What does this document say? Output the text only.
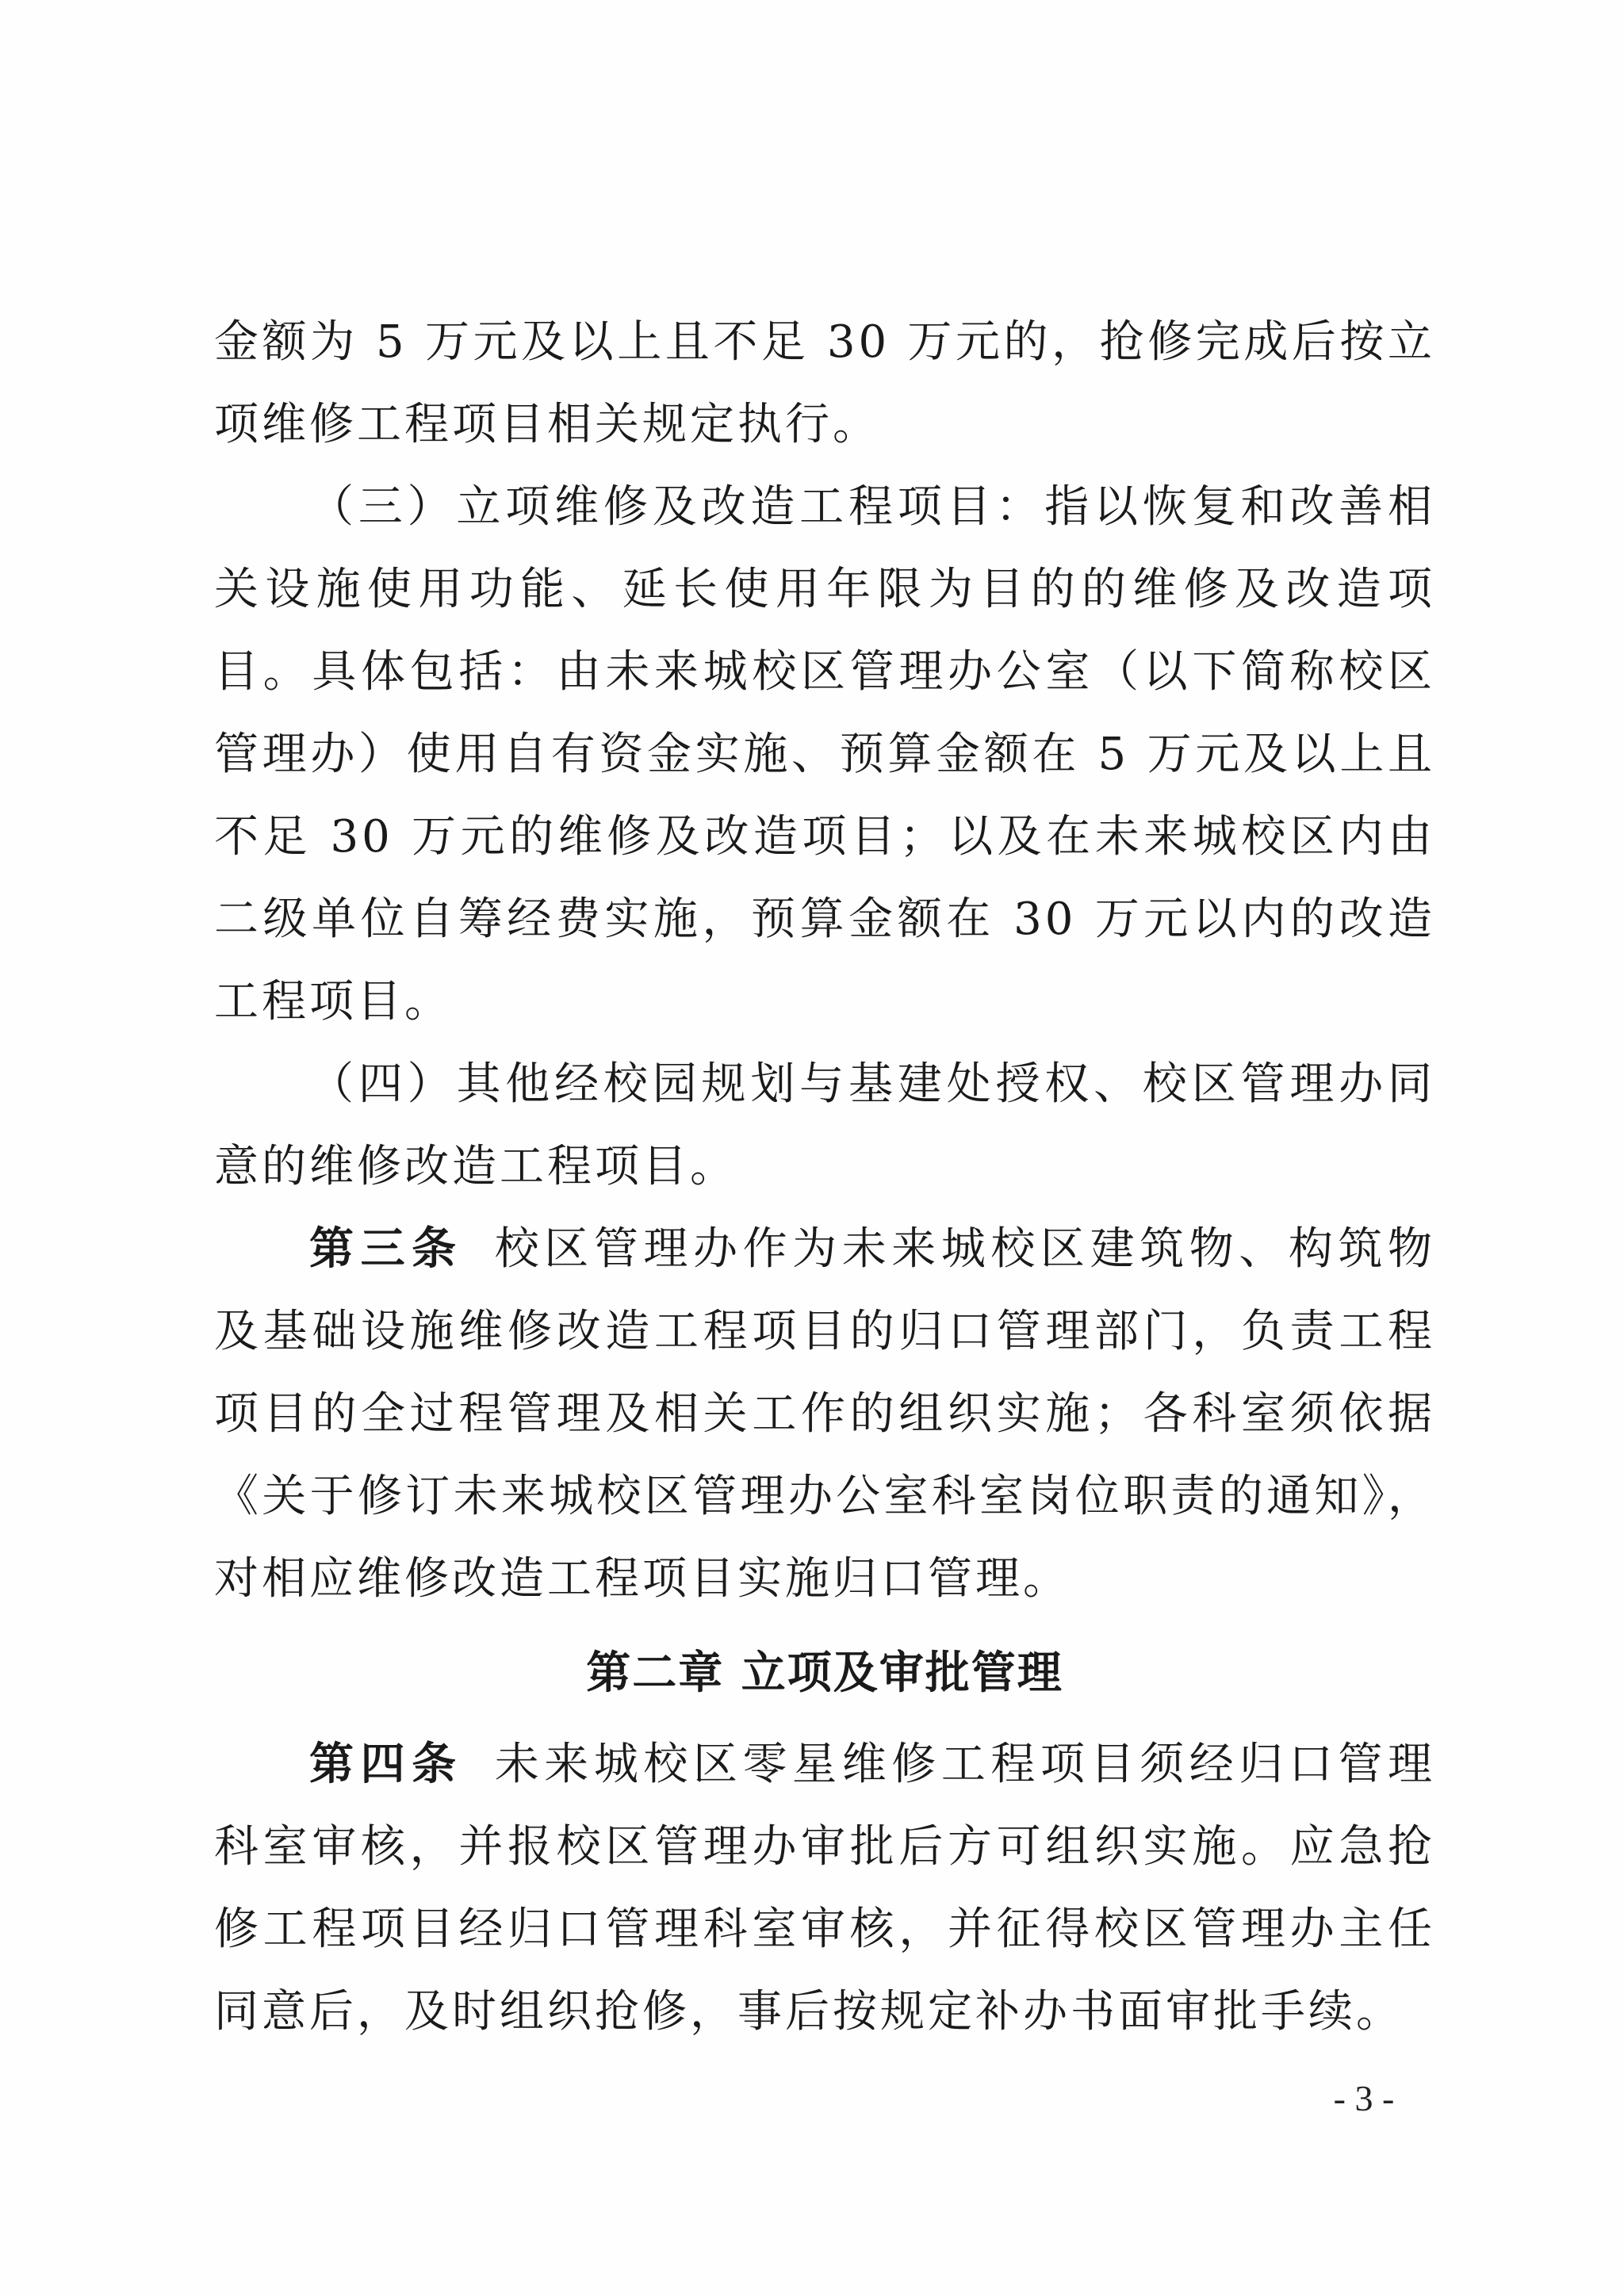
金额为 5 万元及以上且不足 30 万元的，抢修完成后按立项维修工程项目相关规定执行。

（三）立项维修及改造工程项目：指以恢复和改善相关设施使用功能、延长使用年限为目的的维修及改造项目。具体包括：由未来城校区管理办公室（以下简称校区管理办）使用自有资金实施、预算金额在 5 万元及以上且不足 30 万元的维修及改造项目；以及在未来城校区内由二级单位自筹经费实施，预算金额在 30 万元以内的改造工程项目。

（四）其他经校园规划与基建处授权、校区管理办同意的维修改造工程项目。

第三条 校区管理办作为未来城校区建筑物、构筑物及基础设施维修改造工程项目的归口管理部门，负责工程项目的全过程管理及相关工作的组织实施；各科室须依据《关于修订未来城校区管理办公室科室岗位职责的通知》，对相应维修改造工程项目实施归口管理。

第二章 立项及审批管理

第四条 未来城校区零星维修工程项目须经归口管理科室审核，并报校区管理办审批后方可组织实施。应急抢修工程项目经归口管理科室审核，并征得校区管理办主任同意后，及时组织抢修，事后按规定补办书面审批手续。

- 3 -
